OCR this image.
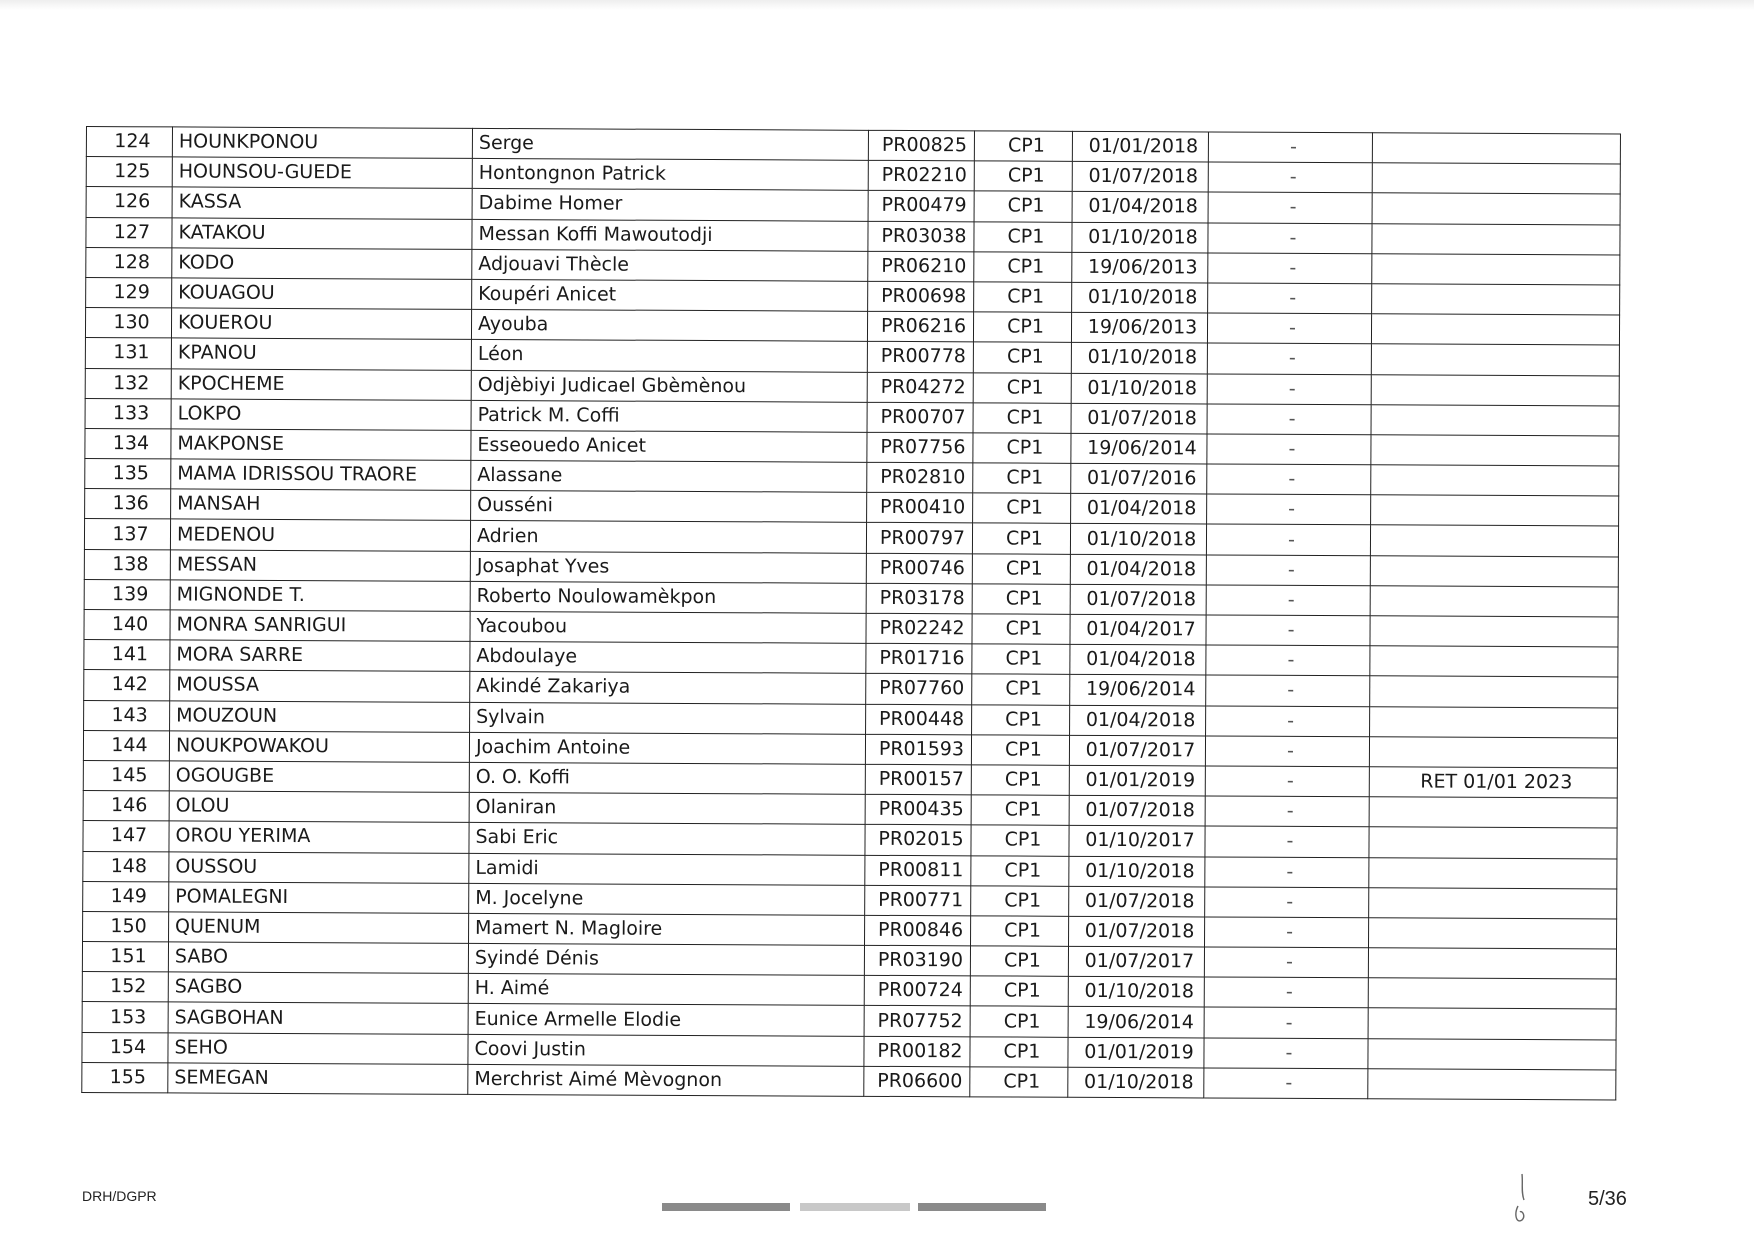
124	HOUNKPONOU	Serge	PR00825	CP1	01/01/2018	-	
125	HOUNSOU-GUEDE	Hontongnon Patrick	PR02210	CP1	01/07/2018	-	
126	KASSA	Dabime Homer	PR00479	CP1	01/04/2018	-	
127	KATAKOU	Messan Koffi Mawoutodji	PR03038	CP1	01/10/2018	-	
128	KODO	Adjouavi Thècle	PR06210	CP1	19/06/2013	-	
129	KOUAGOU	Koupéri Anicet	PR00698	CP1	01/10/2018	-	
130	KOUEROU	Ayouba	PR06216	CP1	19/06/2013	-	
131	KPANOU	Léon	PR00778	CP1	01/10/2018	-	
132	KPOCHEME	Odjèbiyi Judicael Gbèmènou	PR04272	CP1	01/10/2018	-	
133	LOKPO	Patrick M. Coffi	PR00707	CP1	01/07/2018	-	
134	MAKPONSE	Esseouedo Anicet	PR07756	CP1	19/06/2014	-	
135	MAMA IDRISSOU TRAORE	Alassane	PR02810	CP1	01/07/2016	-	
136	MANSAH	Ousséni	PR00410	CP1	01/04/2018	-	
137	MEDENOU	Adrien	PR00797	CP1	01/10/2018	-	
138	MESSAN	Josaphat Yves	PR00746	CP1	01/04/2018	-	
139	MIGNONDE T.	Roberto Noulowamèkpon	PR03178	CP1	01/07/2018	-	
140	MONRA SANRIGUI	Yacoubou	PR02242	CP1	01/04/2017	-	
141	MORA SARRE	Abdoulaye	PR01716	CP1	01/04/2018	-	
142	MOUSSA	Akindé Zakariya	PR07760	CP1	19/06/2014	-	
143	MOUZOUN	Sylvain	PR00448	CP1	01/04/2018	-	
144	NOUKPOWAKOU	Joachim Antoine	PR01593	CP1	01/07/2017	-	
145	OGOUGBE	O. O. Koffi	PR00157	CP1	01/01/2019	-	RET 01/01 2023
146	OLOU	Olaniran	PR00435	CP1	01/07/2018	-	
147	OROU YERIMA	Sabi Eric	PR02015	CP1	01/10/2017	-	
148	OUSSOU	Lamidi	PR00811	CP1	01/10/2018	-	
149	POMALEGNI	M. Jocelyne	PR00771	CP1	01/07/2018	-	
150	QUENUM	Mamert N. Magloire	PR00846	CP1	01/07/2018	-	
151	SABO	Syindé Dénis	PR03190	CP1	01/07/2017	-	
152	SAGBO	H. Aimé	PR00724	CP1	01/10/2018	-	
153	SAGBOHAN	Eunice Armelle Elodie	PR07752	CP1	19/06/2014	-	
154	SEHO	Coovi Justin	PR00182	CP1	01/01/2019	-	
155	SEMEGAN	Merchrist Aimé Mèvognon	PR06600	CP1	01/10/2018	-	
DRH/DGPR	5/36
